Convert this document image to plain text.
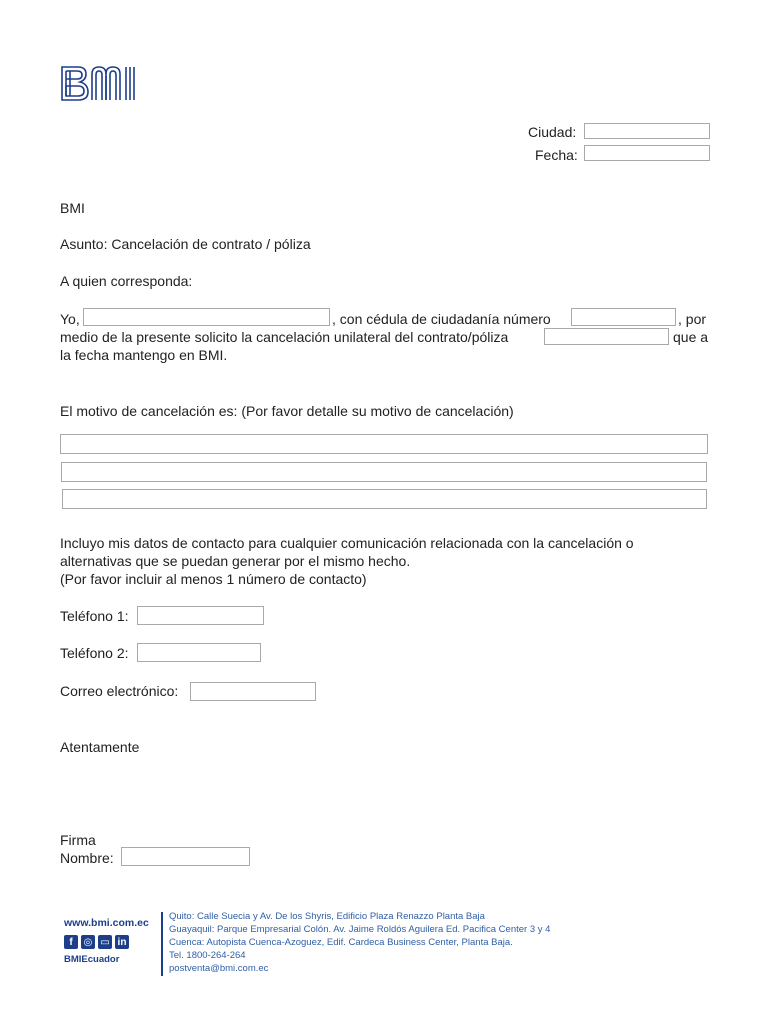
Ciudad:
Fecha:
BMI
Asunto: Cancelación de contrato / póliza
A quien corresponda:
Yo,	, con cédula de ciudadanía número	, por
medio de la presente solicito la cancelación unilateral del contrato/póliza	que a
la fecha mantengo en BMI.
El motivo de cancelación es: (Por favor detalle su motivo de cancelación)
Incluyo mis datos de contacto para cualquier comunicación relacionada con la cancelación o
alternativas que se puedan generar por el mismo hecho.
(Por favor incluir al menos 1 número de contacto)
Teléfono 1:
Teléfono 2:
Correo electrónico:
Atentamente
Firma
Nombre:
www.bmi.com.ec
f	◎ ▭ in
BMIEcuador
Quito: Calle Suecia y Av. De los Shyris, Edificio Plaza Renazzo Planta Baja
Guayaquil: Parque Empresarial Colón. Av. Jaime Roldós Aguilera Ed. Pacifica Center 3 y 4
Cuenca: Autopista Cuenca-Azoguez, Edif. Cardeca Business Center, Planta Baja.
Tel. 1800-264-264
postventa@bmi.com.ec
